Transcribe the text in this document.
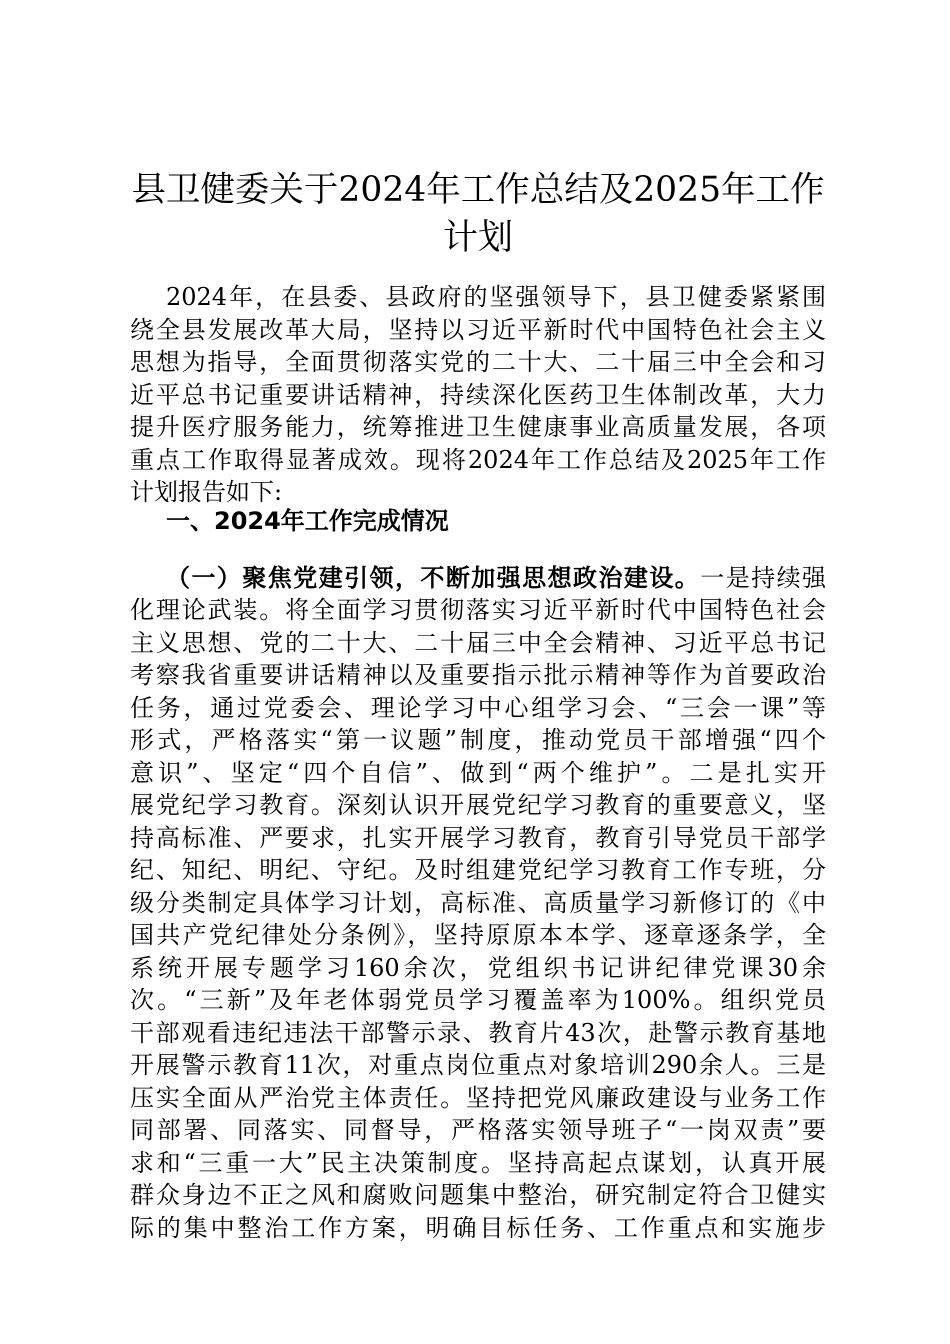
县卫健委关于2024年工作总结及2025年工作
计划
2024年，在县委、县政府的坚强领导下，县卫健委紧紧围
绕全县发展改革大局，坚持以习近平新时代中国特色社会主义
思想为指导，全面贯彻落实党的二十大、二十届三中全会和习
近平总书记重要讲话精神，持续深化医药卫生体制改革，大力
提升医疗服务能力，统筹推进卫生健康事业高质量发展，各项
重点工作取得显著成效。现将2024年工作总结及2025年工作
计划报告如下:
一、2024年工作完成情况
（一）聚焦党建引领，不断加强思想政治建设。一是持续强
化理论武装。将全面学习贯彻落实习近平新时代中国特色社会
主义思想、党的二十大、二十届三中全会精神、习近平总书记
考察我省重要讲话精神以及重要指示批示精神等作为首要政治
任务，通过党委会、理论学习中心组学习会、“三会一课”等
形式，严格落实“第一议题”制度，推动党员干部增强“四个
意识”、坚定“四个自信”、做到“两个维护”。二是扎实开
展党纪学习教育。深刻认识开展党纪学习教育的重要意义，坚
持高标准、严要求，扎实开展学习教育，教育引导党员干部学
纪、知纪、明纪、守纪。及时组建党纪学习教育工作专班，分
级分类制定具体学习计划，高标准、高质量学习新修订的《中
国共产党纪律处分条例》，坚持原原本本学、逐章逐条学，全
系统开展专题学习160余次，党组织书记讲纪律党课30余
次。“三新”及年老体弱党员学习覆盖率为100%。组织党员
干部观看违纪违法干部警示录、教育片43次，赴警示教育基地
开展警示教育11次，对重点岗位重点对象培训290余人。三是
压实全面从严治党主体责任。坚持把党风廉政建设与业务工作
同部署、同落实、同督导，严格落实领导班子“一岗双责”要
求和“三重一大”民主决策制度。坚持高起点谋划，认真开展
群众身边不正之风和腐败问题集中整治，研究制定符合卫健实
际的集中整治工作方案，明确目标任务、工作重点和实施步
